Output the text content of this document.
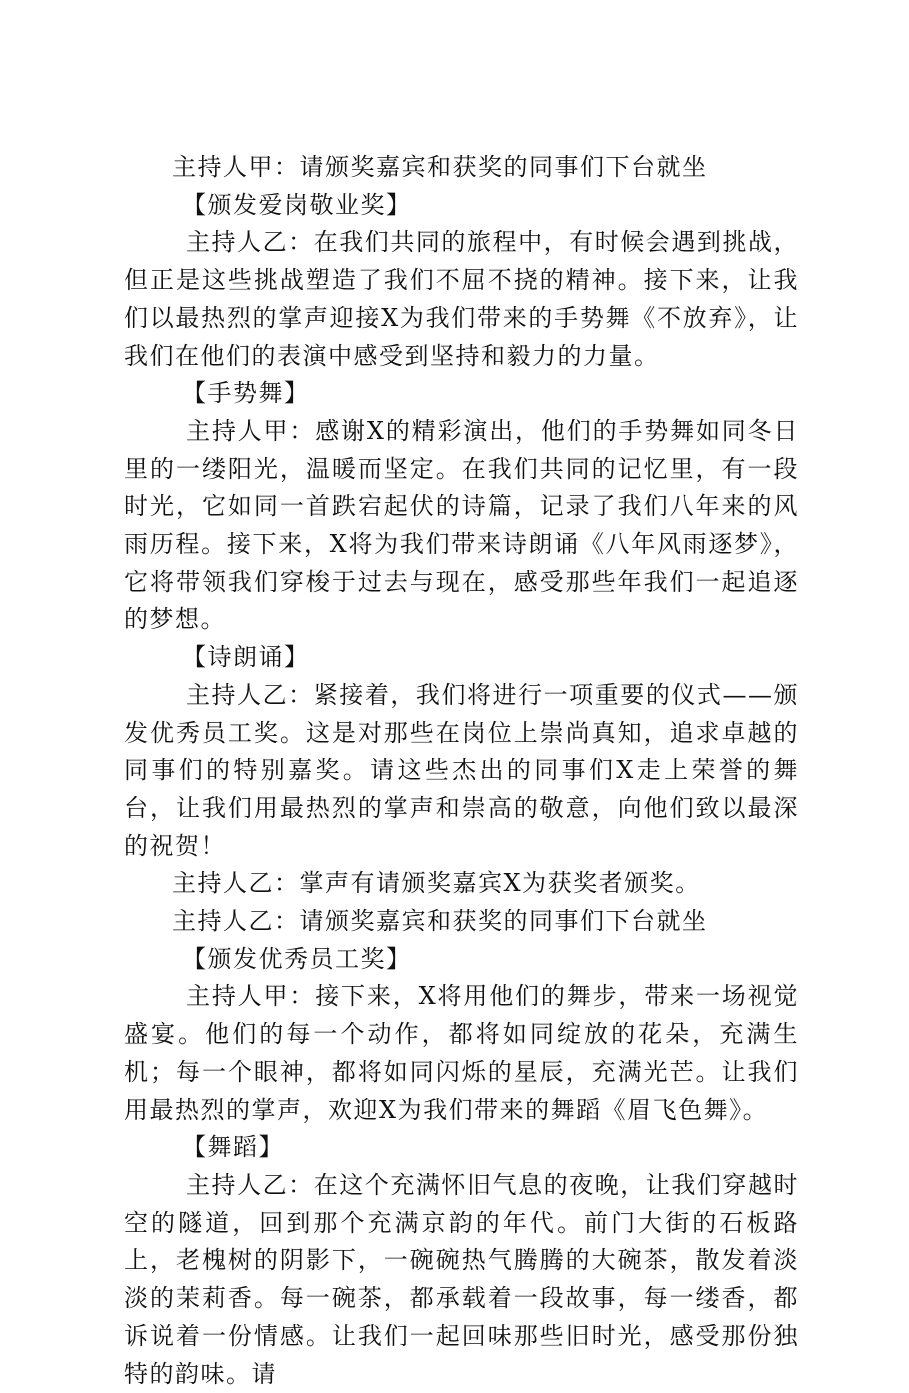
主持人甲：请颁奖嘉宾和获奖的同事们下台就坐

【颁发爱岗敬业奖】

主持人乙：在我们共同的旅程中，有时候会遇到挑战，但正是这些挑战塑造了我们不屈不挠的精神。接下来，让我们以最热烈的掌声迎接X为我们带来的手势舞《不放弃》，让我们在他们的表演中感受到坚持和毅力的力量。

【手势舞】

主持人甲：感谢X的精彩演出，他们的手势舞如同冬日里的一缕阳光，温暖而坚定。在我们共同的记忆里，有一段时光，它如同一首跌宕起伏的诗篇，记录了我们八年来的风雨历程。接下来，X将为我们带来诗朗诵《八年风雨逐梦》，它将带领我们穿梭于过去与现在，感受那些年我们一起追逐的梦想。

【诗朗诵】

主持人乙：紧接着，我们将进行一项重要的仪式——颁发优秀员工奖。这是对那些在岗位上崇尚真知，追求卓越的同事们的特别嘉奖。请这些杰出的同事们X走上荣誉的舞台，让我们用最热烈的掌声和崇高的敬意，向他们致以最深的祝贺！

主持人乙：掌声有请颁奖嘉宾X为获奖者颁奖。

主持人乙：请颁奖嘉宾和获奖的同事们下台就坐

【颁发优秀员工奖】

主持人甲：接下来，X将用他们的舞步，带来一场视觉盛宴。他们的每一个动作，都将如同绽放的花朵，充满生机；每一个眼神，都将如同闪烁的星辰，充满光芒。让我们用最热烈的掌声，欢迎X为我们带来的舞蹈《眉飞色舞》。

【舞蹈】

主持人乙：在这个充满怀旧气息的夜晚，让我们穿越时空的隧道，回到那个充满京韵的年代。前门大街的石板路上，老槐树的阴影下，一碗碗热气腾腾的大碗茶，散发着淡淡的茉莉香。每一碗茶，都承载着一段故事，每一缕香，都诉说着一份情感。让我们一起回味那些旧时光，感受那份独特的韵味。请
